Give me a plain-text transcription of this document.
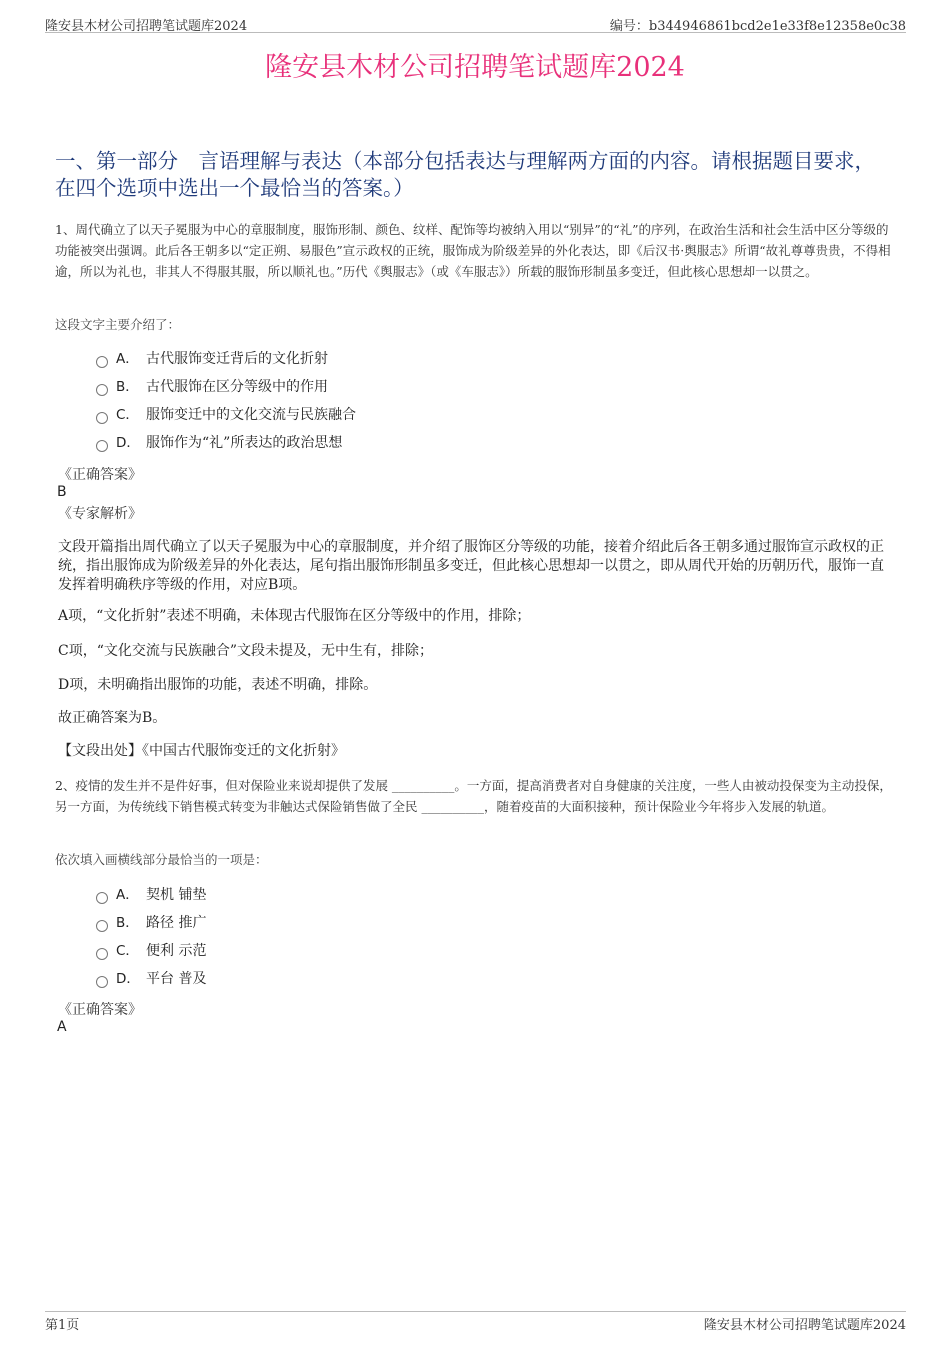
隆安县木材公司招聘笔试题库2024	编号：b344946861bcd2e1e33f8e12358e0c38
隆安县木材公司招聘笔试题库2024
一、第一部分　言语理解与表达（本部分包括表达与理解两方面的内容。请根据题目要求，在四个选项中选出一个最恰当的答案。）
1、周代确立了以天子冕服为中心的章服制度，服饰形制、颜色、纹样、配饰等均被纳入用以“别异”的“礼”的序列，在政治生活和社会生活中区分等级的功能被突出强调。此后各王朝多以“定正朔、易服色”宣示政权的正统，服饰成为阶级差异的外化表达，即《后汉书·舆服志》所谓“故礼尊尊贵贵，不得相逾，所以为礼也，非其人不得服其服，所以顺礼也。”历代《舆服志》（或《车服志》）所载的服饰形制虽多变迁，但此核心思想却一以贯之。
这段文字主要介绍了：
A． 古代服饰变迁背后的文化折射
B． 古代服饰在区分等级中的作用
C． 服饰变迁中的文化交流与民族融合
D． 服饰作为“礼”所表达的政治思想
《正确答案》
B
《专家解析》
文段开篇指出周代确立了以天子冕服为中心的章服制度，并介绍了服饰区分等级的功能，接着介绍此后各王朝多通过服饰宣示政权的正统，指出服饰成为阶级差异的外化表达，尾句指出服饰形制虽多变迁，但此核心思想却一以贯之，即从周代开始的历朝历代，服饰一直发挥着明确秩序等级的作用，对应B项。
A项，“文化折射”表述不明确，未体现古代服饰在区分等级中的作用，排除；
C项，“文化交流与民族融合”文段未提及，无中生有，排除；
D项，未明确指出服饰的功能，表述不明确，排除。
故正确答案为B。
【文段出处】《中国古代服饰变迁的文化折射》
2、疫情的发生并不是件好事，但对保险业来说却提供了发展 __________。一方面，提高消费者对自身健康的关注度，一些人由被动投保变为主动投保，另一方面，为传统线下销售模式转变为非触达式保险销售做了全民 __________，随着疫苗的大面积接种，预计保险业今年将步入发展的轨道。
依次填入画横线部分最恰当的一项是：
A． 契机 铺垫
B． 路径 推广
C． 便利 示范
D． 平台 普及
《正确答案》
A
第1页	隆安县木材公司招聘笔试题库2024
